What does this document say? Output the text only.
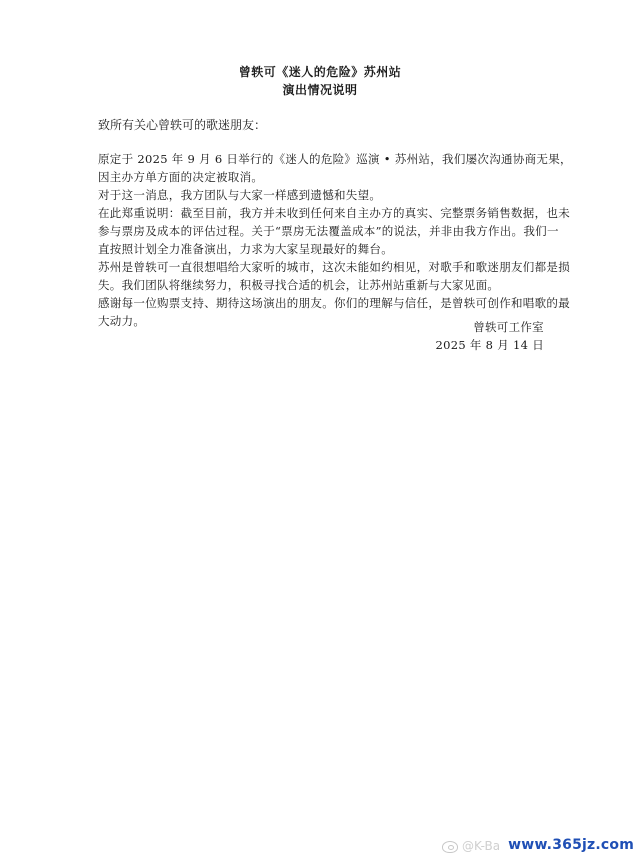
曾轶可《迷人的危险》苏州站
演出情况说明
致所有关心曾轶可的歌迷朋友：
原定于 2025 年 9 月 6 日举行的《迷人的危险》巡演 • 苏州站，我们屡次沟通协商无果，
因主办方单方面的决定被取消。
对于这一消息，我方团队与大家一样感到遗憾和失望。
在此郑重说明：截至目前，我方并未收到任何来自主办方的真实、完整票务销售数据，也未
参与票房及成本的评估过程。关于“票房无法覆盖成本”的说法，并非由我方作出。我们一
直按照计划全力准备演出，力求为大家呈现最好的舞台。
苏州是曾轶可一直很想唱给大家听的城市，这次未能如约相见，对歌手和歌迷朋友们都是损
失。我们团队将继续努力，积极寻找合适的机会，让苏州站重新与大家见面。
感谢每一位购票支持、期待这场演出的朋友。你们的理解与信任，是曾轶可创作和唱歌的最
大动力。	曾轶可工作室
2025 年 8 月 14 日
@K-Ba www.365jz.com
